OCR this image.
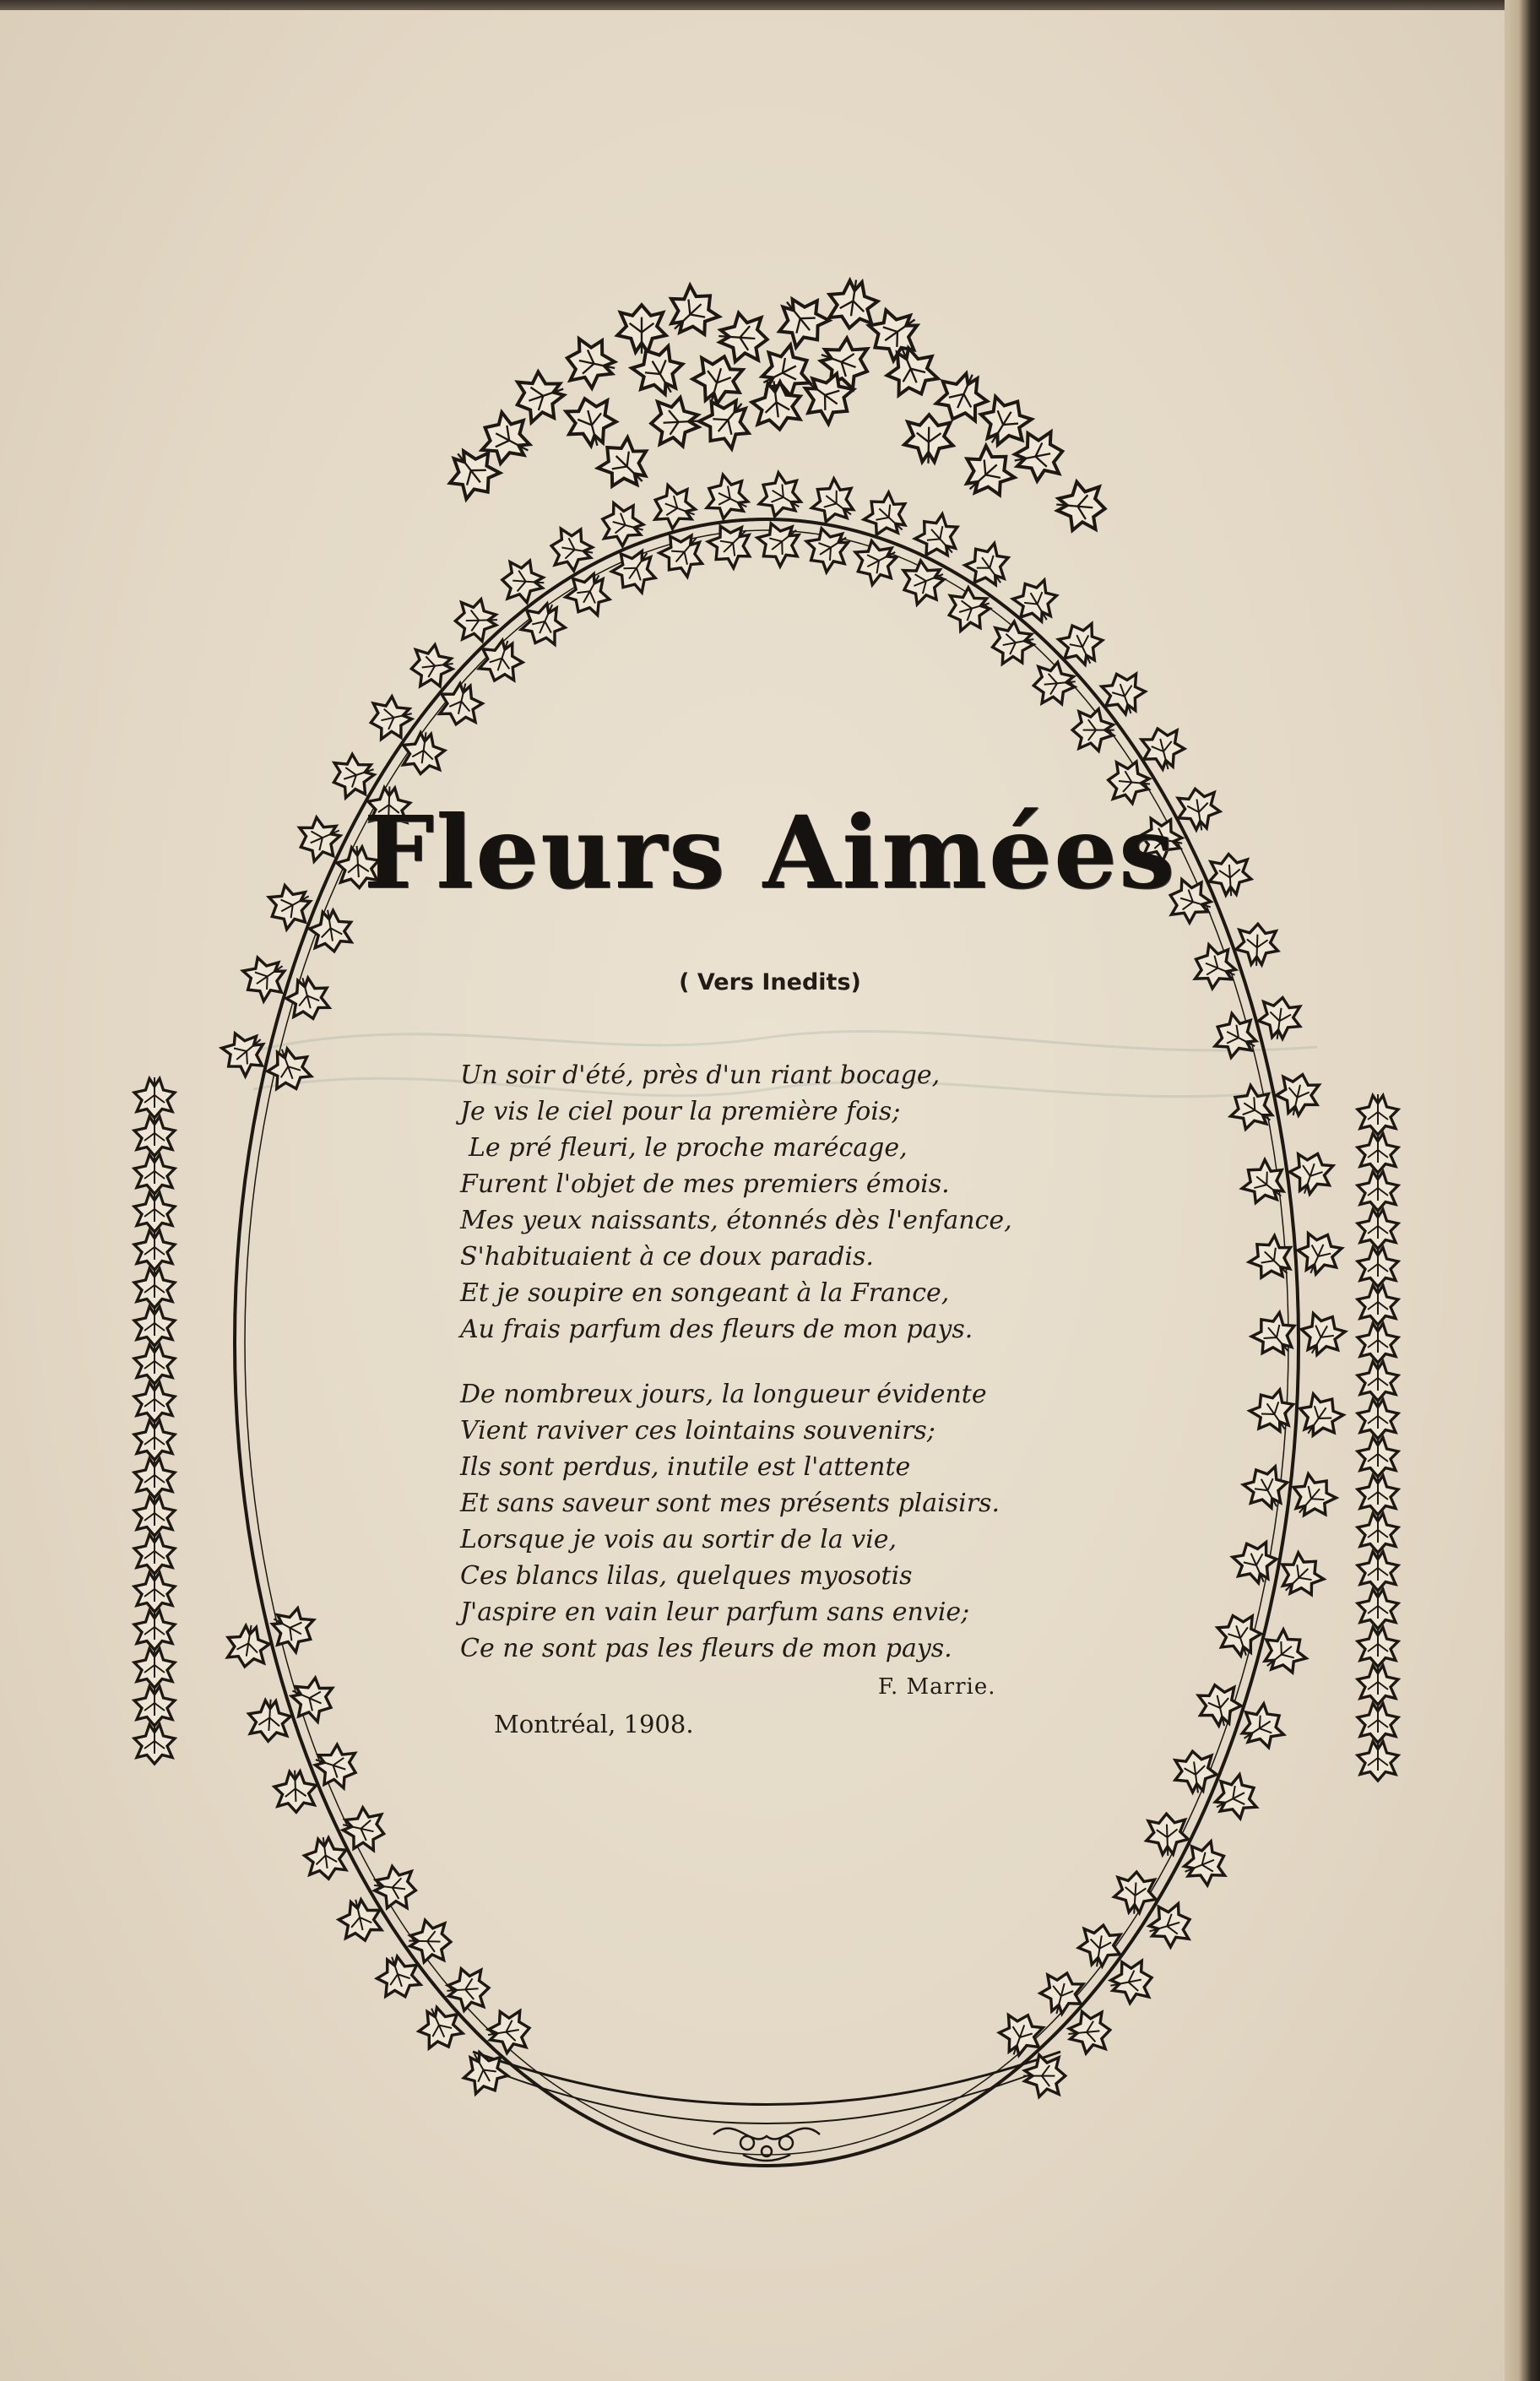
Fleurs Aimées
( Vers Inedits)
Un soir d'été, près d'un riant bocage,
Je vis le ciel pour la première fois;
Le pré fleuri, le proche marécage,
Furent l'objet de mes premiers émois.
Mes yeux naissants, étonnés dès l'enfance,
S'habituaient à ce doux paradis.
Et je soupire en songeant à la France,
Au frais parfum des fleurs de mon pays.
De nombreux jours, la longueur évidente
Vient raviver ces lointains souvenirs;
Ils sont perdus, inutile est l'attente
Et sans saveur sont mes présents plaisirs.
Lorsque je vois au sortir de la vie,
Ces blancs lilas, quelques myosotis
J'aspire en vain leur parfum sans envie;
Ce ne sont pas les fleurs de mon pays.
F. Marrie.
Montréal, 1908.
